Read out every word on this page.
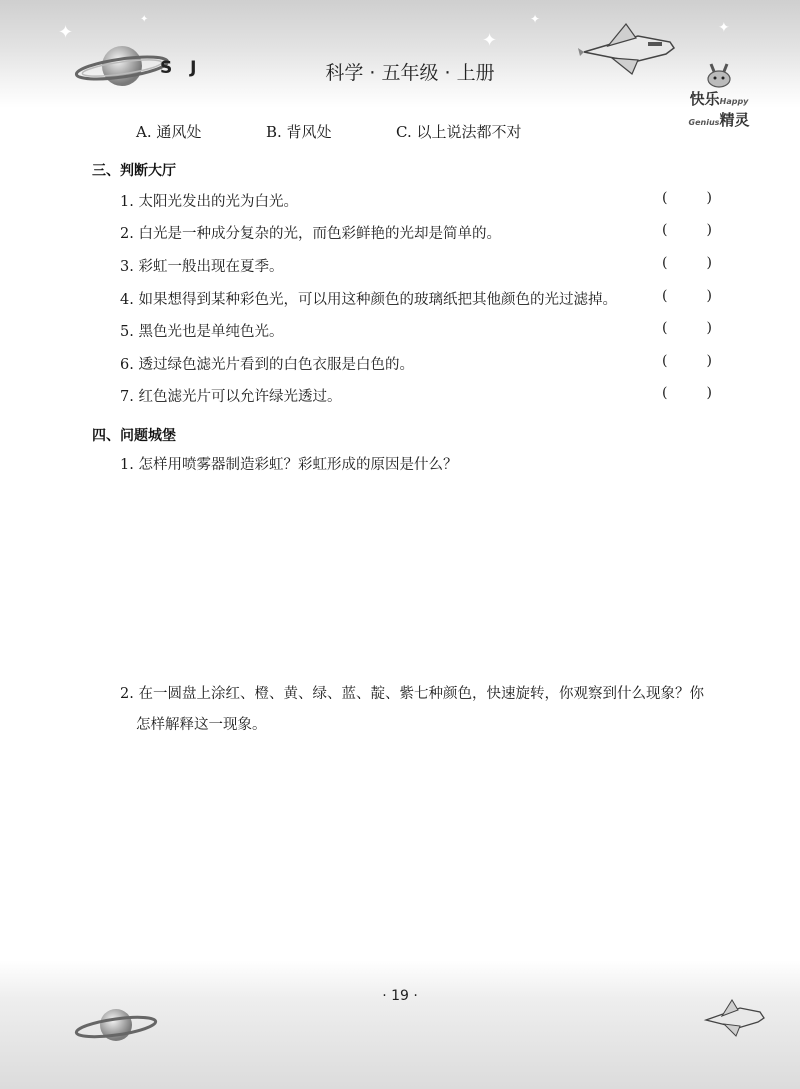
快乐Happy Genius精灵
✦	✦
✦
✦
✦
S J	科学 · 五年级 · 上册
A. 通风处	B. 背风处	C. 以上说法都不对
三、判断大厅
1. 太阳光发出的光为白光。	(	)
2. 白光是一种成分复杂的光，而色彩鲜艳的光却是简单的。	(	)
3. 彩虹一般出现在夏季。	(	)
4. 如果想得到某种彩色光，可以用这种颜色的玻璃纸把其他颜色的光过滤掉。	(	)
5. 黑色光也是单纯色光。	(	)
6. 透过绿色滤光片看到的白色衣服是白色的。	(	)
7. 红色滤光片可以允许绿光透过。	(	)
四、问题城堡
1. 怎样用喷雾器制造彩虹？彩虹形成的原因是什么？
2. 在一圆盘上涂红、橙、黄、绿、蓝、靛、紫七种颜色，快速旋转，你观察到什么现象？你
怎样解释这一现象。
· 19 ·
